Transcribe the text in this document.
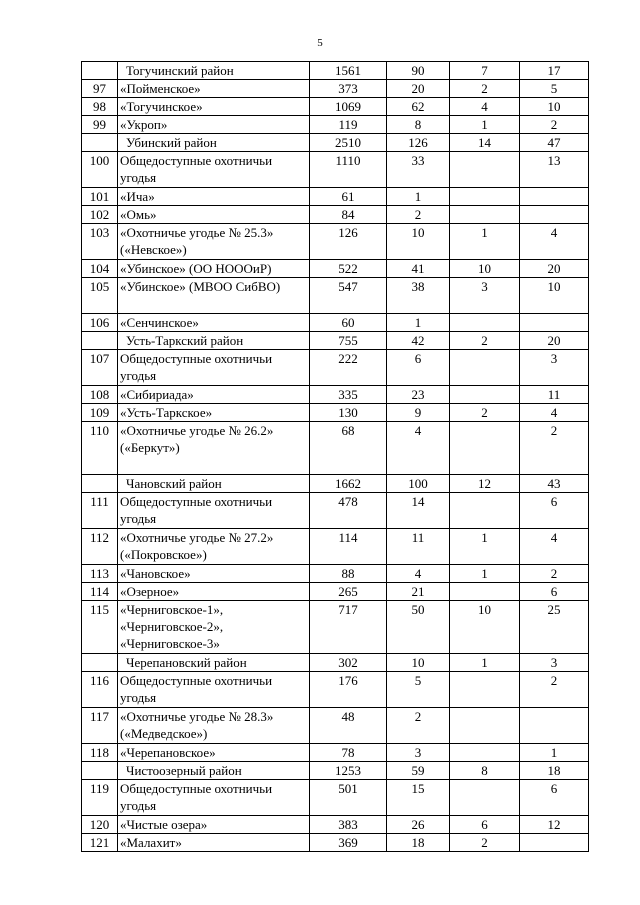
5
	Тогучинский район	1561	90	7	17
97	«Пойменское»	373	20	2	5
98	«Тогучинское»	1069	62	4	10
99	«Укроп»	119	8	1	2
	Убинский район	2510	126	14	47
100	Общедоступные охотничьи угодья	1110	33		13
101	«Ича»	61	1		
102	«Омь»	84	2		
103	«Охотничье угодье № 25.3» («Невское»)	126	10	1	4
104	«Убинское» (ОО НОООиР)	522	41	10	20
105	«Убинское» (МВОО СибВО)	547	38	3	10
106	«Сенчинское»	60	1		
	Усть-Таркский район	755	42	2	20
107	Общедоступные охотничьи угодья	222	6		3
108	«Сибириада»	335	23		11
109	«Усть-Таркское»	130	9	2	4
110	«Охотничье угодье № 26.2» («Беркут»)	68	4		2
	Чановский район	1662	100	12	43
111	Общедоступные охотничьи угодья	478	14		6
112	«Охотничье угодье № 27.2» («Покровское»)	114	11	1	4
113	«Чановское»	88	4	1	2
114	«Озерное»	265	21		6
115	«Черниговское-1», «Черниговское-2», «Черниговское-3»	717	50	10	25
	Черепановский район	302	10	1	3
116	Общедоступные охотничьи угодья	176	5		2
117	«Охотничье угодье № 28.3» («Медведское»)	48	2		
118	«Черепановское»	78	3		1
	Чистоозерный район	1253	59	8	18
119	Общедоступные охотничьи угодья	501	15		6
120	«Чистые озера»	383	26	6	12
121	«Малахит»	369	18	2	
